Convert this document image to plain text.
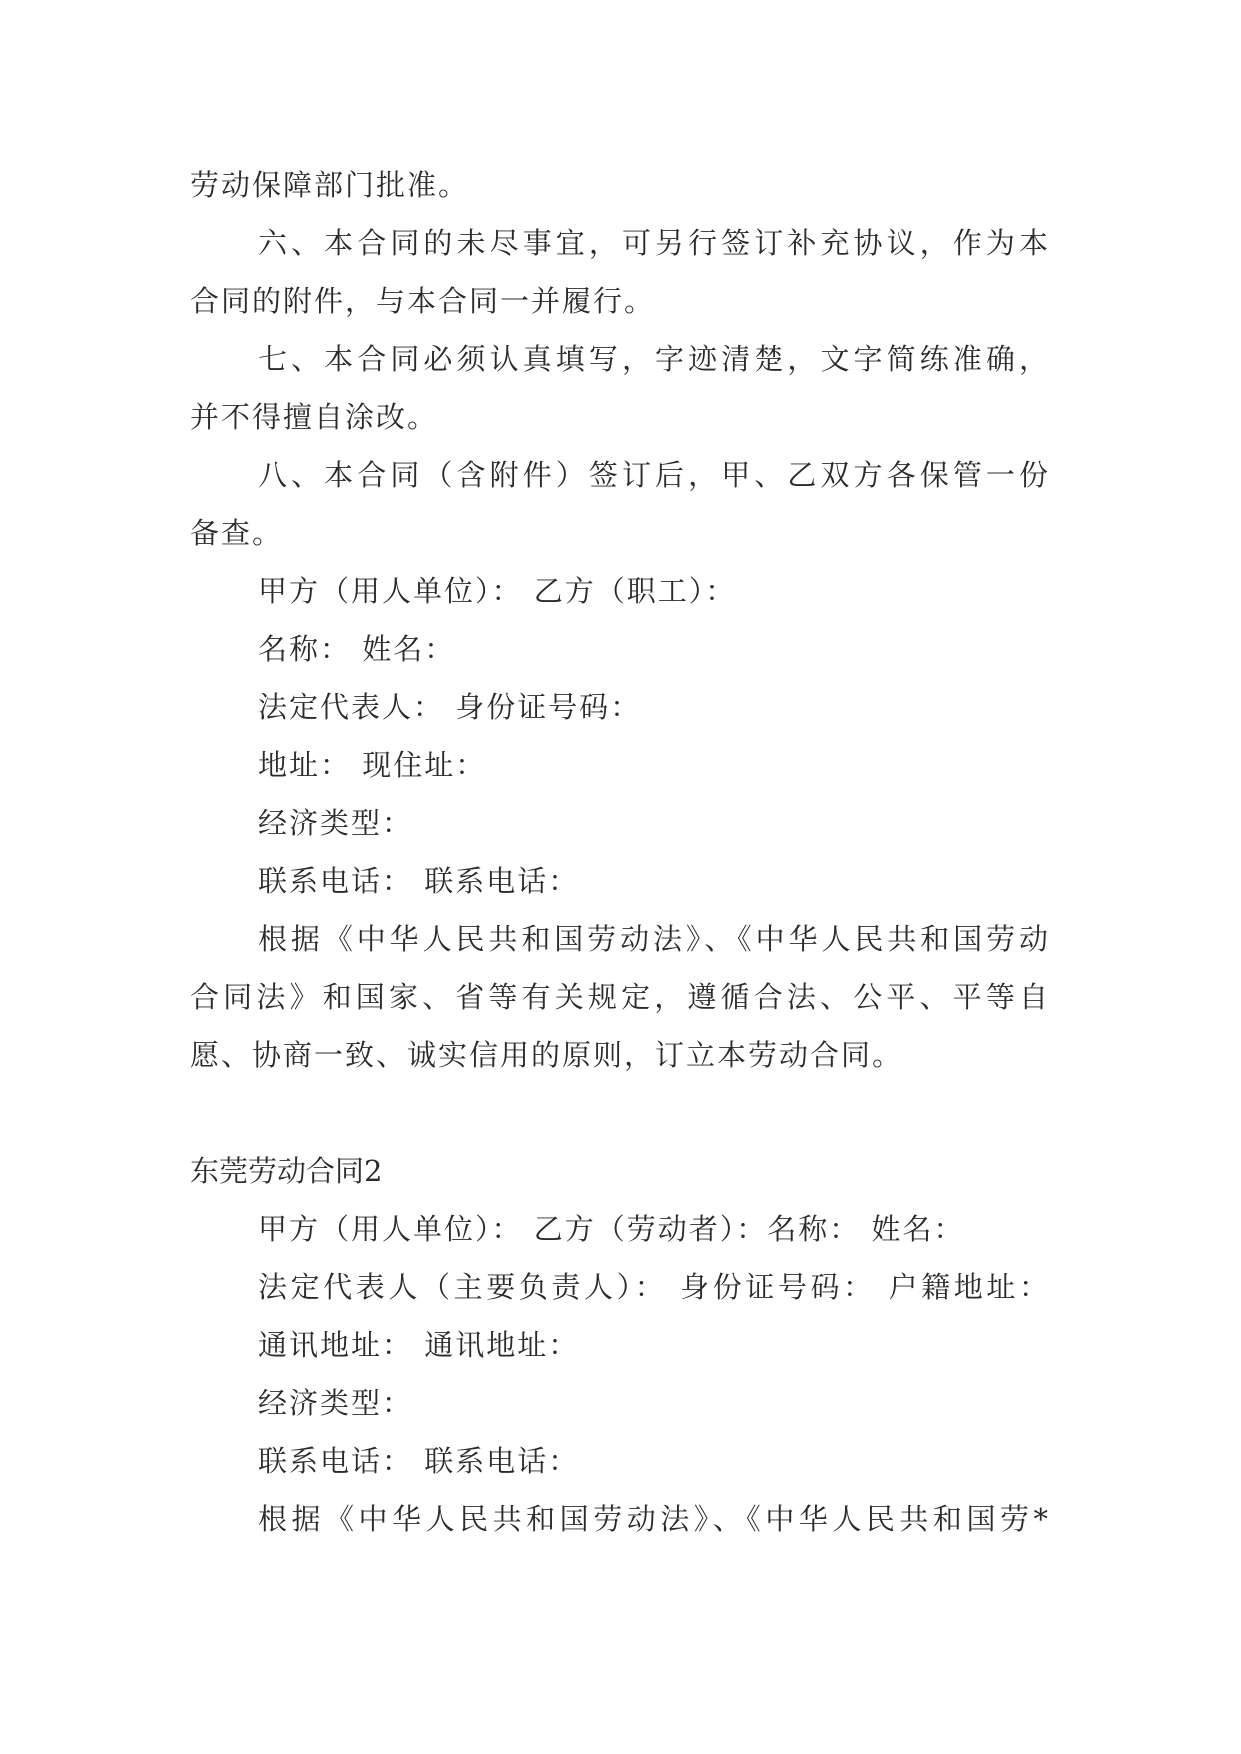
劳动保障部门批准。
六、本合同的未尽事宜，可另行签订补充协议，作为本
合同的附件，与本合同一并履行。
七、本合同必须认真填写，字迹清楚，文字简练准确，
并不得擅自涂改。
八、本合同（含附件）签订后，甲、乙双方各保管一份
备查。
甲方（用人单位）： 乙方（职工）：
名称： 姓名：
法定代表人： 身份证号码：
地址： 现住址：
经济类型：
联系电话： 联系电话：
根据《中华人民共和国劳动法》、《中华人民共和国劳动
合同法》和国家、省等有关规定，遵循合法、公平、平等自
愿、协商一致、诚实信用的原则，订立本劳动合同。
东莞劳动合同2
甲方（用人单位）： 乙方（劳动者）：名称： 姓名：
法定代表人（主要负责人）： 身份证号码： 户籍地址：
通讯地址： 通讯地址：
经济类型：
联系电话： 联系电话：
根据《中华人民共和国劳动法》、《中华人民共和国劳*
